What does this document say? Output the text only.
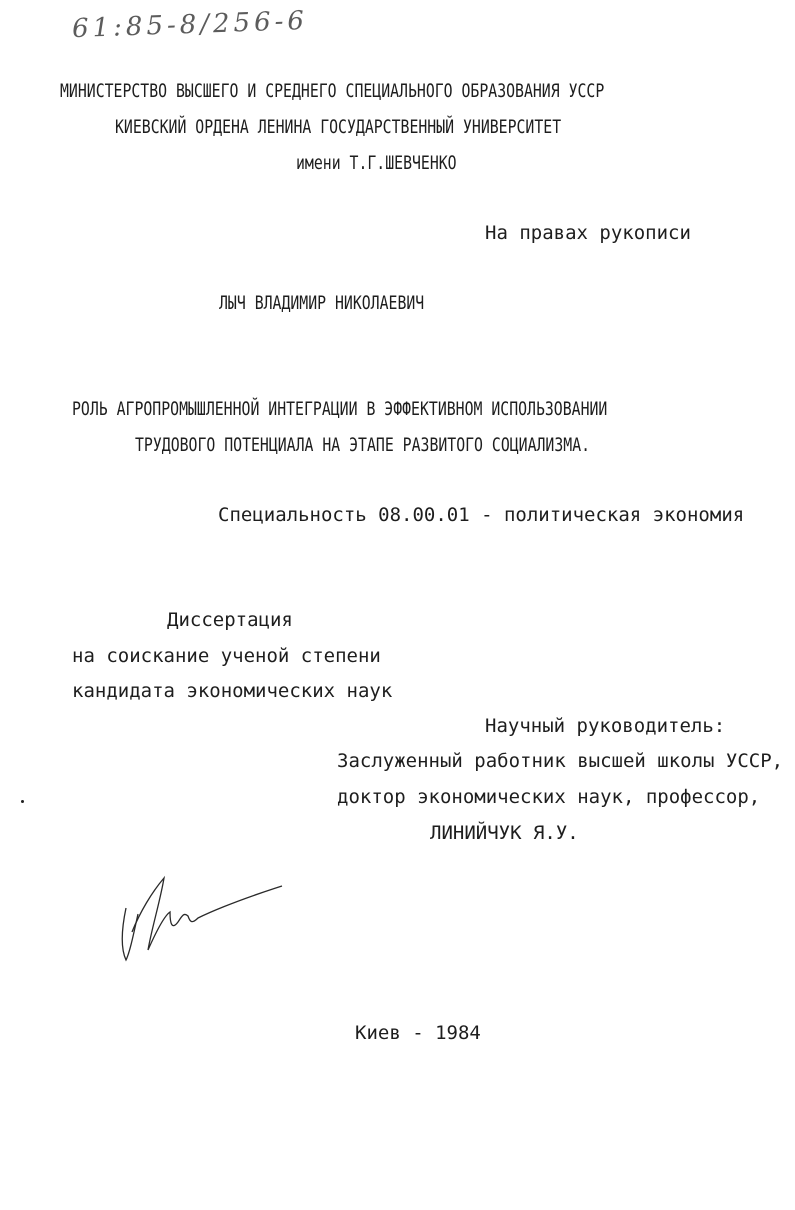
61:85-8/256-6
МИНИСТЕРСТВО ВЫСШЕГО И СРЕДНЕГО СПЕЦИАЛЬНОГО ОБРАЗОВАНИЯ УССР
КИЕВСКИЙ ОРДЕНА ЛЕНИНА ГОСУДАРСТВЕННЫЙ УНИВЕРСИТЕТ
имени Т.Г.ШЕВЧЕНКО
На правах рукописи
ЛЫЧ ВЛАДИМИР НИКОЛАЕВИЧ
РОЛЬ АГРОПРОМЫШЛЕННОЙ ИНТЕГРАЦИИ В ЭФФЕКТИВНОМ ИСПОЛЬЗОВАНИИ
ТРУДОВОГО ПОТЕНЦИАЛА НА ЭТАПЕ РАЗВИТОГО СОЦИАЛИЗМА.
Специальность 08.00.01 - политическая экономия
Диссертация
на соискание ученой степени
кандидата экономических наук
Научный руководитель:
Заслуженный работник высшей школы УССР,
доктор экономических наук, профессор,
ЛИНИЙЧУК Я.У.
Киев - 1984
